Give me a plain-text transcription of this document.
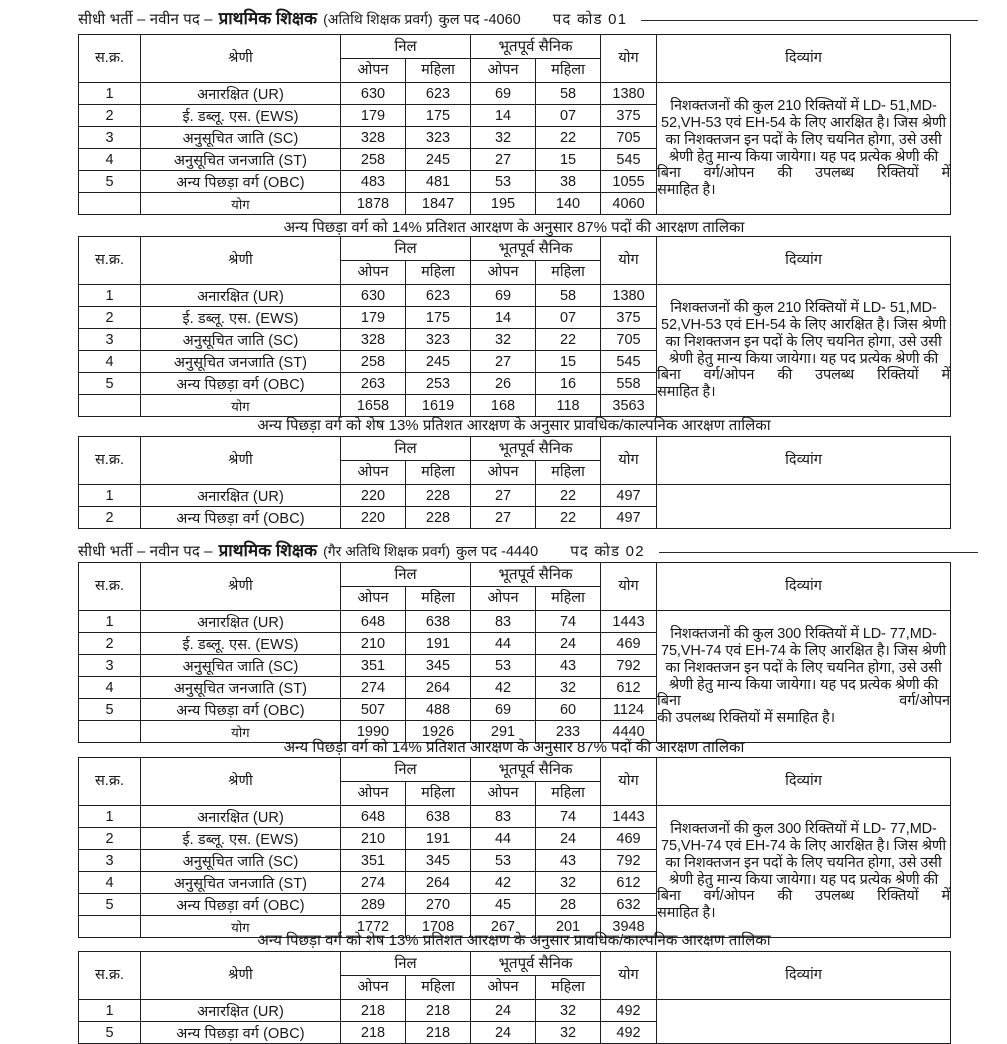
सीधी भर्ती – नवीन पद – प्राथमिक शिक्षक (अतिथि शिक्षक प्रवर्ग) कुल पद -4060 पद कोड 01
स.क्र.	श्रेणी	निल		भूतपूर्व सैनिक		योग	दिव्यांग
		ओपन	महिला	ओपन	महिला		
1	अनारक्षित (UR)	630	623	69	58	1380	निशक्तजनों की कुल 210 रिक्तियों में LD- 51,MD-52,VH-53 एवं EH-54 के लिए आरक्षित है। जिस श्रेणी का निशक्तजन इन पदों के लिए चयनित होगा, उसे उसी श्रेणी हेतु मान्य किया जायेगा। यह पद प्रत्येक श्रेणी की बिना वर्ग/ओपन की उपलब्ध रिक्तियों में
समाहित है।

2	ई. डब्लू. एस. (EWS)	179	175	14	07	375	
3	अनुसूचित जाति (SC)	328	323	32	22	705	
4	अनुसूचित जनजाति (ST)	258	245	27	15	545	
5	अन्य पिछड़ा वर्ग (OBC)	483	481	53	38	1055	
	योग	1878	1847	195	140	4060	
अन्य पिछड़ा वर्ग को 14% प्रतिशत आरक्षण के अनुसार 87% पदों की आरक्षण तालिका
स.क्र.	श्रेणी	निल		भूतपूर्व सैनिक		योग	दिव्यांग
		ओपन	महिला	ओपन	महिला		
1	अनारक्षित (UR)	630	623	69	58	1380	निशक्तजनों की कुल 210 रिक्तियों में LD- 51,MD-52,VH-53 एवं EH-54 के लिए आरक्षित है। जिस श्रेणी का निशक्तजन इन पदों के लिए चयनित होगा, उसे उसी श्रेणी हेतु मान्य किया जायेगा। यह पद प्रत्येक श्रेणी की बिना वर्ग/ओपन की उपलब्ध रिक्तियों में
समाहित है।

2	ई. डब्लू. एस. (EWS)	179	175	14	07	375	
3	अनुसूचित जाति (SC)	328	323	32	22	705	
4	अनुसूचित जनजाति (ST)	258	245	27	15	545	
5	अन्य पिछड़ा वर्ग (OBC)	263	253	26	16	558	
	योग	1658	1619	168	118	3563	
अन्य पिछड़ा वर्ग को शेष 13% प्रतिशत आरक्षण के अनुसार प्रावधिक/काल्पनिक आरक्षण तालिका
स.क्र.	श्रेणी	निल		भूतपूर्व सैनिक		योग	दिव्यांग
		ओपन	महिला	ओपन	महिला		
1	अनारक्षित (UR)	220	228	27	22	497	
2	अन्य पिछड़ा वर्ग (OBC)	220	228	27	22	497	
सीधी भर्ती – नवीन पद – प्राथमिक शिक्षक (गैर अतिथि शिक्षक प्रवर्ग) कुल पद -4440 पद कोड 02
स.क्र.	श्रेणी	निल		भूतपूर्व सैनिक		योग	दिव्यांग
		ओपन	महिला	ओपन	महिला		
1	अनारक्षित (UR)	648	638	83	74	1443	निशक्तजनों की कुल 300 रिक्तियों में LD- 77,MD-75,VH-74 एवं EH-74 के लिए आरक्षित है। जिस श्रेणी का निशक्तजन इन पदों के लिए चयनित होगा, उसे उसी श्रेणी हेतु मान्य किया जायेगा। यह पद प्रत्येक श्रेणी की बिना वर्ग/ओपन
की उपलब्ध रिक्तियों में समाहित है।

2	ई. डब्लू. एस. (EWS)	210	191	44	24	469	
3	अनुसूचित जाति (SC)	351	345	53	43	792	
4	अनुसूचित जनजाति (ST)	274	264	42	32	612	
5	अन्य पिछड़ा वर्ग (OBC)	507	488	69	60	1124	
	योग	1990	1926	291	233	4440	
अन्य पिछड़ा वर्ग को 14% प्रतिशत आरक्षण के अनुसार 87% पदों की आरक्षण तालिका
स.क्र.	श्रेणी	निल		भूतपूर्व सैनिक		योग	दिव्यांग
		ओपन	महिला	ओपन	महिला		
1	अनारक्षित (UR)	648	638	83	74	1443	निशक्तजनों की कुल 300 रिक्तियों में LD- 77,MD-75,VH-74 एवं EH-74 के लिए आरक्षित है। जिस श्रेणी का निशक्तजन इन पदों के लिए चयनित होगा, उसे उसी श्रेणी हेतु मान्य किया जायेगा। यह पद प्रत्येक श्रेणी की बिना वर्ग/ओपन की उपलब्ध रिक्तियों में
समाहित है।

2	ई. डब्लू. एस. (EWS)	210	191	44	24	469	
3	अनुसूचित जाति (SC)	351	345	53	43	792	
4	अनुसूचित जनजाति (ST)	274	264	42	32	612	
5	अन्य पिछड़ा वर्ग (OBC)	289	270	45	28	632	
	योग	1772	1708	267	201	3948	
अन्य पिछड़ा वर्ग को शेष 13% प्रतिशत आरक्षण के अनुसार प्रावधिक/काल्पनिक आरक्षण तालिका
स.क्र.	श्रेणी	निल		भूतपूर्व सैनिक		योग	दिव्यांग
		ओपन	महिला	ओपन	महिला		
1	अनारक्षित (UR)	218	218	24	32	492	
5	अन्य पिछड़ा वर्ग (OBC)	218	218	24	32	492	
